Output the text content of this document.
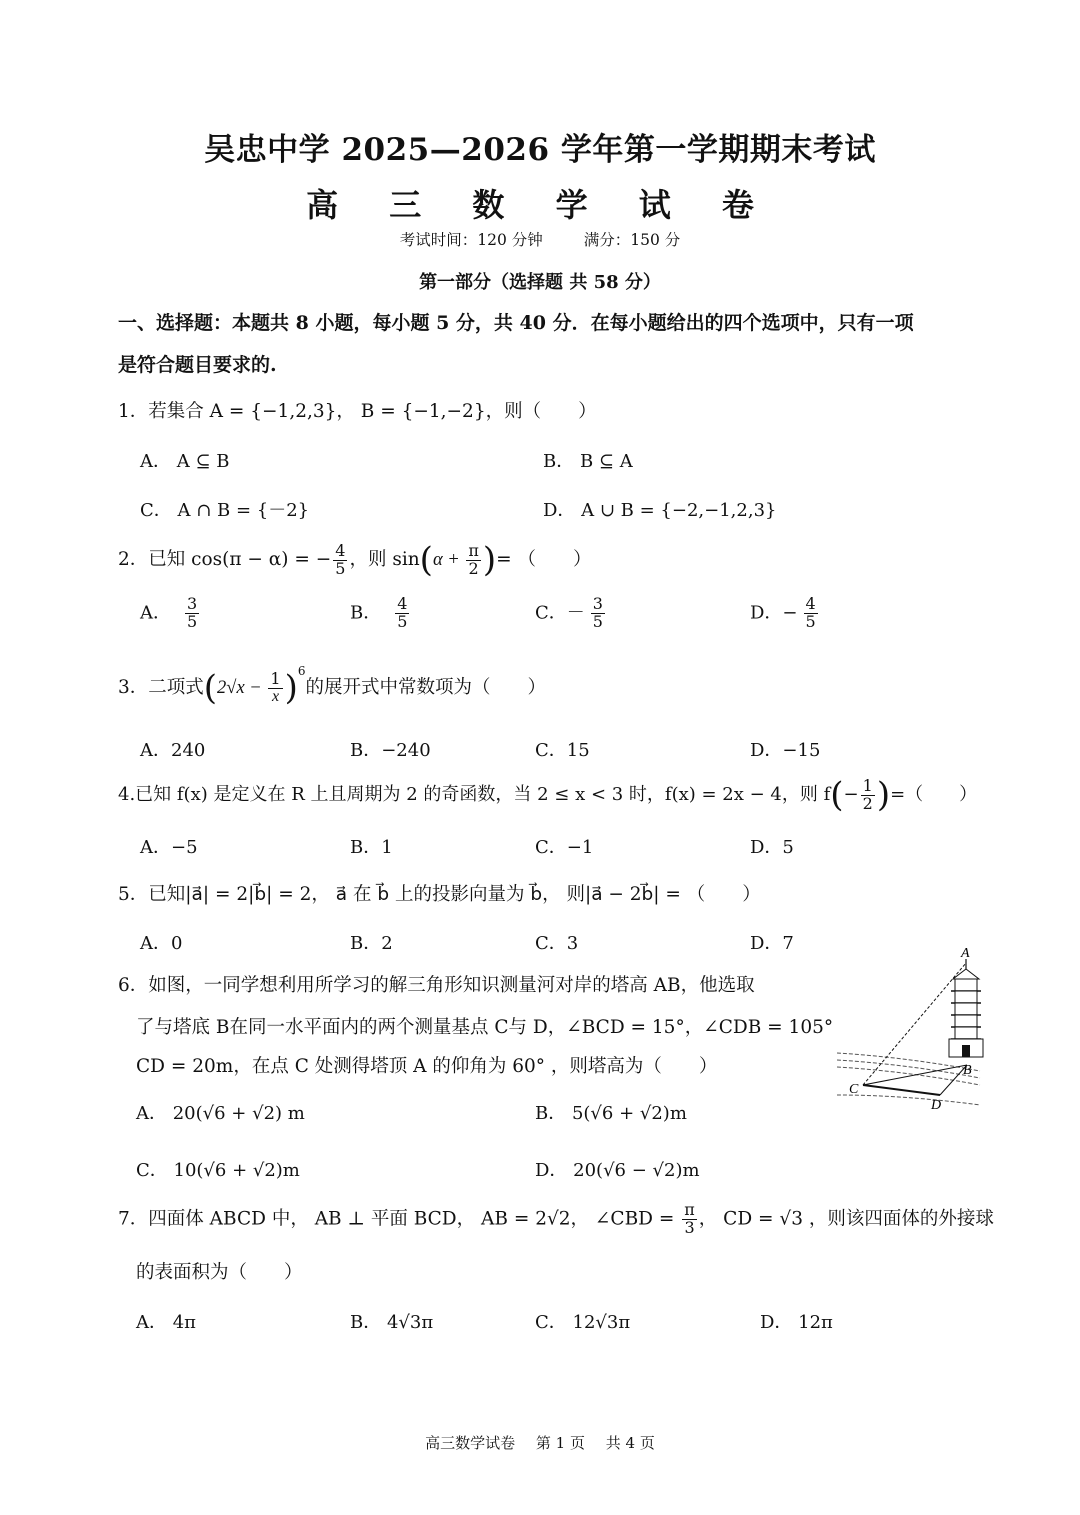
吴忠中学 2025—2026 学年第一学期期末考试
高 三 数 学 试 卷
考试时间：120 分钟	满分：150 分
第一部分（选择题 共 58 分）
一、选择题：本题共 8 小题，每小题 5 分，共 40 分．在每小题给出的四个选项中，只有一项
是符合题目要求的.
1．若集合 A = {−1,2,3}， B = {−1,−2}，则（　　）
A． A ⊆ B	B． B ⊆ A
C． A ∩ B = {－2}	D． A ∪ B = {−2,−1,2,3}
2．已知 cos(π − α) = − $\frac{4}{5}$ ，则 $\sin(\alpha + \frac{\pi}{2}$ )= （　　）
A． $\frac{3}{5}$	B． $\frac{4}{5}$	C．－ $\frac{3}{5}$	D．− $\frac{4}{5}$
3．二项式$(2√x - \frac{1}{x} )^6$的展开式中常数项为（　　）
A．240	B．−240	C．15	D．−15
4.已知 f(x) 是定义在 R 上且周期为 2 的奇函数，当 2 ≤ x < 3 时，f(x) = 2x − 4，则 $f(- \frac{1}{2}$ )=（　　）
A．−5	B．1	C．−1	D．5
5．已知|a⃗| = 2|b⃗| = 2， a⃗ 在 b⃗ 上的投影向量为 b⃗， 则|a⃗ − 2b⃗| = （　　）
A．0	B．2	C．3	D．7
6．如图，一同学想利用所学习的解三角形知识测量河对岸的塔高 AB，他选取
了与塔底 B在同一水平面内的两个测量基点 C与 D，∠BCD = 15°，∠CDB = 105°
CD = 20m，在点 C 处测得塔顶 A 的仰角为 60° ，则塔高为（　　）
A． 20(√6 + √2) m	B． 5(√6 + √2)m
C． 10(√6 + √2)m	D． 20(√6 − √2)m
A
B
C
D
7．四面体 ABCD 中， AB ⊥ 平面 BCD， AB = 2√2， ∠CBD = $\frac{\pi}{3}$ ， CD = √3 ，则该四面体的外接球
的表面积为（　　）
A． 4π	B． 4√3π	C． 12√3π	D． 12π
高三数学试卷 第 1 页 共 4 页
